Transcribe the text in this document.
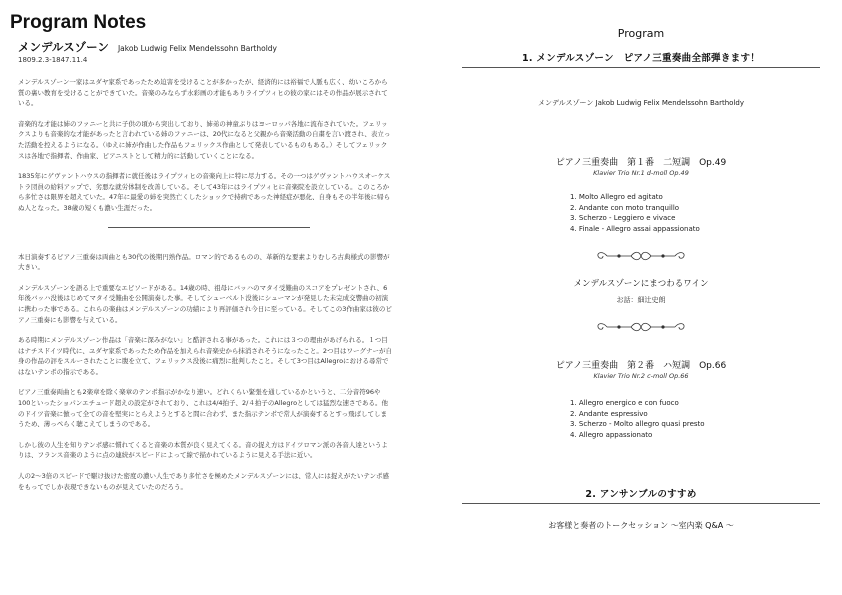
Program Notes
メンデルスゾーン Jakob Ludwig Felix Mendelssohn Bartholdy
1809.2.3-1847.11.4

メンデルスゾーン一家はユダヤ家系であったため迫害を受けることが多かったが、経済的には裕福で人脈も広く、幼いころから質の裏い教育を受けることができていた。音楽のみならず水彩画の才能もありライプツィヒの彼の家にはその作品が展示されている。

音楽的な才能は姉のファニーと共に子供の頃から突出しており、姉弟の神童ぶりはヨーロッパ各地に流布されていた。フェリックスよりも音楽的な才能があったと言われている姉のファニーは、20代になると父親から音楽活動の自粛を言い渡され、表立った活動を控えるようになる。（ゆえに姉が作曲した作品もフェリックス作曲として発表しているものもある。）そしてフェリックスは各地で指揮者、作曲家、ピアニストとして精力的に活動していくことになる。

1835年にゲヴァントハウスの指揮者に就任後はライプツィヒの音楽向上に特に尽力する。その一つはゲヴァントハウスオーケストラ団員の給料アップで、劣悪な就労体制を改善している。そして43年にはライプツィヒに音楽院を設立している。このころから多忙さは限界を超えていた。47年に最愛の姉を突然亡くしたショックで持病であった神経症が悪化、自身もその半年後に帰らぬ人となった。38歳の短くも濃い生涯だった。

本日演奏するピアノ三重奏は両曲とも30代の後期円熟作品。ロマン的であるものの、革新的な要素よりむしろ古典様式の影響が大きい。

メンデルスゾーンを語る上で重要なエピソードがある。14歳の時、祖母にバッハのマタイ受難曲のスコアをプレゼントされ、6年後バッハ没後はじめてマタイ受難曲を公開演奏した事。そしてシューベルト没後にシューマンが発見した未完成交響曲の初演に携わった事である。これらの楽曲はメンデルスゾーンの功績により再評価され今日に至っている。そしてこの3作曲家は彼のピアノ三重奏にも影響を与えている。

ある時期にメンデルスゾーン作品は「音楽に深みがない」と酷評される事があった。これには３つの理由があげられる。１つ目はナチスドイツ時代に、ユダヤ家系であったため作品を加えられ音楽史から抹消されそうになったこと。2つ目はワーグナーが自身の作品の評をスルーされたことに腹を立て、フェリックス没後に痛烈に批判したこと。そして3つ目はAllegroにおける尋常ではないテンポの指示である。

ピアノ三重奏両曲とも2楽章を除く楽章のテンポ指示がかなり速い。どれくらい緊張を通しているかというと、二分音符96や100といったショパンエチュード超えの設定がされており、これは4/4拍子、2/４拍子のAllegroとしては猛烈な速さである。他のドイツ音楽に倣って全ての音を堅実にとらえようとすると間に合わず、また指示テンポで常人が演奏するとすっ飛ばしてしまうため、薄っぺらく聴こえてしまうのである。

しかし彼の人生を知りテンポ感に慣れてくると音楽の本質が良く見えてくる。音の捉え方はドイツロマン派の各音人達というよりは、フランス音楽のように点の連続がスピードによって線で描かれているように見える手法に近い。

人の2〜3倍のスピードで駆け抜けた密度の濃い人生であり多忙さを極めたメンデルスゾーンには、常人には捉えがたいテンポ感をもってでしか表現できないものが見えていたのだろう。

Program
1. メンデルスゾーン　ピアノ三重奏曲全部弾きます！
メンデルスゾーン Jakob Ludwig Felix Mendelssohn Bartholdy
ピアノ三重奏曲　第１番　二短調　Op.49
Klavier Trio Nr.1 d-moll Op.49
1. Molto Allegro ed agitato
2. Andante con moto tranquillo
3. Scherzo - Leggiero e vivace
4. Finale - Allegro assai appassionato
メンデルスゾーンにまつわるワイン
お話：細辻史朗
ピアノ三重奏曲　第２番　ハ短調　Op.66
Klavier Trio Nr.2 c-moll Op.66
1. Allegro energico e con fuoco
2. Andante espressivo
3. Scherzo - Molto allegro quasi presto
4. Allegro appassionato
2. アンサンブルのすすめ
お客様と奏者のトークセッション 〜室内楽 Q&A 〜
